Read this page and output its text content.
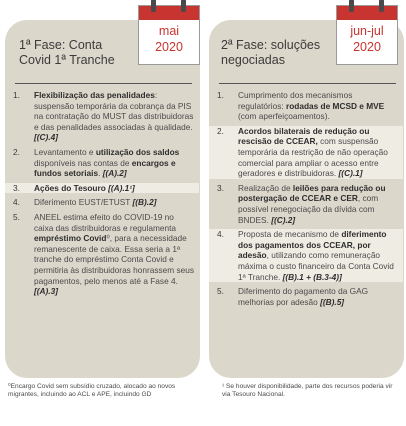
1ª Fase: Conta
Covid 1ª Tranche
mai
2020
1.	Flexibilização das penalidades: suspensão temporária da cobrança da PIS na contratação do MUST das distribuidoras e das penalidades associadas à qualidade. [(C).4]
2.	Levantamento e utilização dos saldos disponíveis nas contas de encargos e fundos setoriais. [(A).2]
3.	Ações do Tesouro [(A).1¹]
4.	Diferimento EUST/ETUST [(B).2]
5.	ANEEL estima efeito do COVID-19 no caixa das distribuidoras e regulamenta empréstimo Covid⁰, para a necessidade remanescente de caixa. Essa seria a 1ª tranche do empréstimo Conta Covid e permitiria às distribuidoras honrassem seus pagamentos, pelo menos até a Fase 4. [(A).3]
2ª Fase: soluções
negociadas
jun-jul
2020
1.	Cumprimento dos mecanismos regulatórios: rodadas de MCSD e MVE (com aperfeiçoamentos).
2.	Acordos bilaterais de redução ou rescisão de CCEAR, com suspensão temporária da restrição de não operação comercial para ampliar o acesso entre geradores e distribuidoras. [(C).1]
3.	Realização de leilões para redução ou postergação de CCEAR e CER, com possível renegociação da dívida com BNDES. [(C).2]
4.	Proposta de mecanismo de diferimento dos pagamentos dos CCEAR, por adesão, utilizando como remuneração máxima o custo financeiro da Conta Covid 1ª Tranche. [(B).1 + (B.3-4)]
5.	Diferimento do pagamento da GAG melhorias por adesão [(B).5]
⁰Encargo Covid sem subsídio cruzado, alocado ao novos migrantes, incluindo ao ACL e APE, incluindo GD
¹ Se houver disponibilidade, parte dos recursos poderia vir via Tesouro Nacional.
